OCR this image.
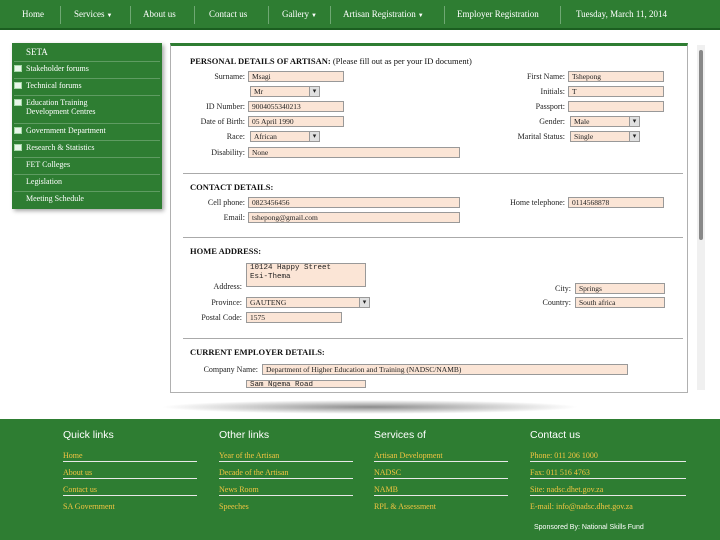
Home	Services ▼	About us	Contact us	Gallery ▼	Artisan Registration ▼	Employer Registration	Tuesday, March 11, 2014
SETA
Stakeholder forums
Technical forums
Education Training
Development Centres
Government Department
Research & Statistics
FET Colleges
Legislation
Meeting Schedule
PERSONAL DETAILS OF ARTISAN: (Please fill out as per your ID document)
Surname: Msagi
Mr ▾
ID Number: 9004055340213
Date of Birth: 05 April 1990
Race:	African ▾
Disability: None
First Name: Tshepong
Initials: T
Passport:
Gender:	Male ▾
Marital Status:	Single ▾
CONTACT DETAILS:
Cell phone: 0823456456
Email: tshepong@gmail.com
Home telephone: 0114568878
HOME ADDRESS:
Address:
10124 Happy Street
Esi-Thema
Province:	GAUTENG ▾
Postal Code:	1575
City:	Springs
Country:	South africa
CURRENT EMPLOYER DETAILS:
Company Name:	Department of Higher Education and Training (NADSC/NAMB)
Sam Ngema Road
Quick links
Home
About us
Contact us
SA Government
Other links
Year of the Artisan
Decade of the Artisan
News Room
Speeches
Services of
Artisan Development
NADSC
NAMB
RPL & Assessment
Contact us
Phone: 011 206 1000
Fax: 011 516 4763
Site: nadsc.dhet.gov.za
E-mail: info@nadsc.dhet.gov.za
Sponsored By: National Skills Fund
